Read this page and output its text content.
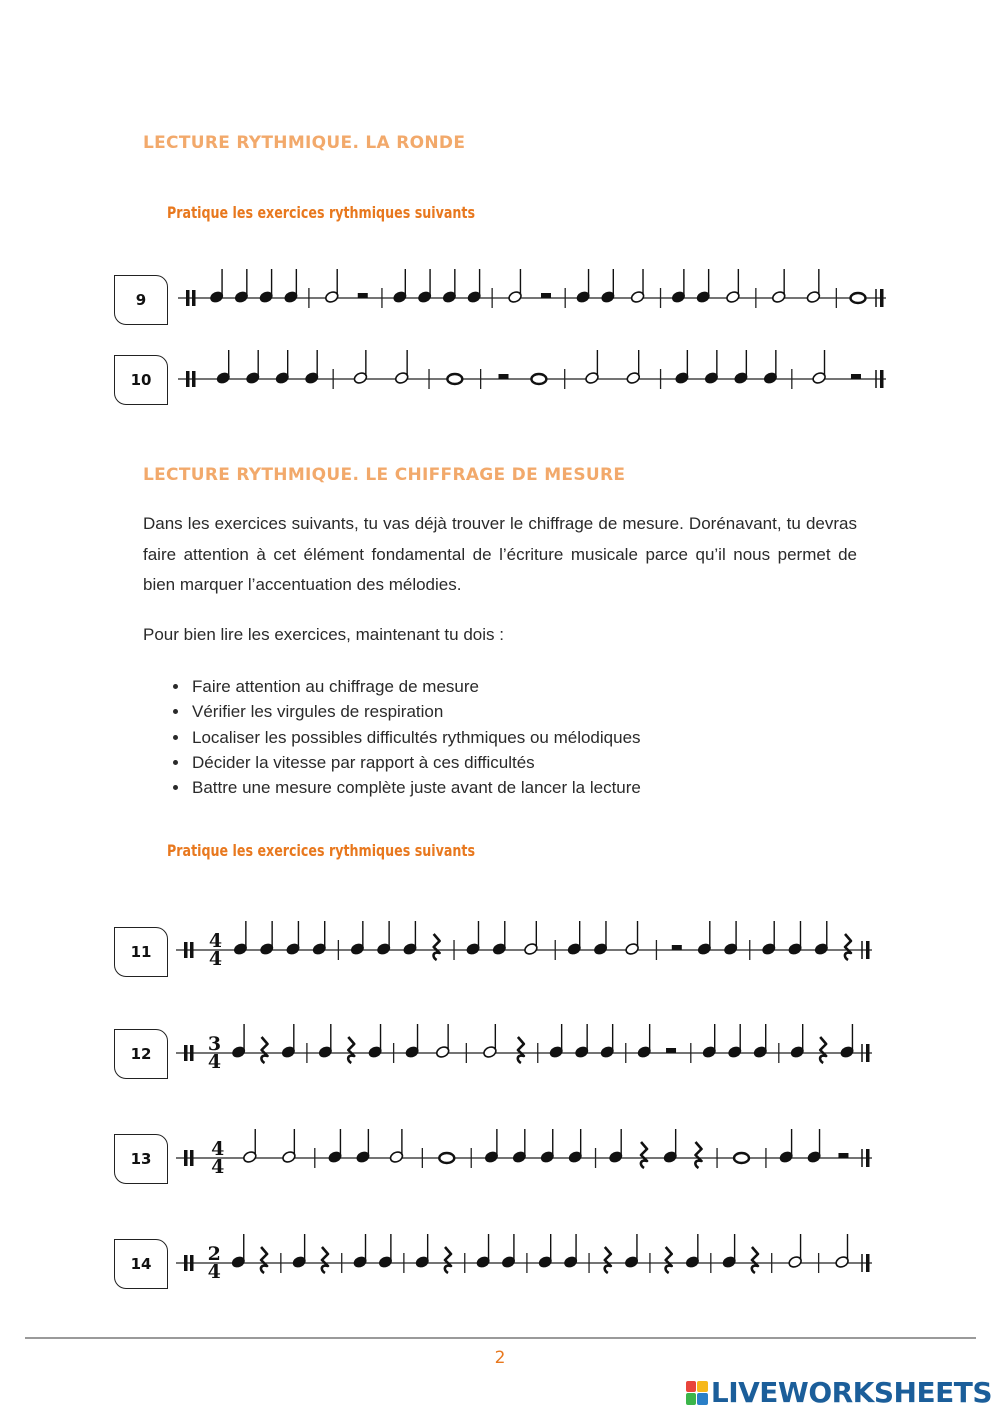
LECTURE RYTHMIQUE. LA RONDE
Pratique les exercices rythmiques suivants
9
10
LECTURE RYTHMIQUE. LE CHIFFRAGE DE MESURE
Dans les exercices suivants, tu vas déjà trouver le chiffrage de mesure. Dorénavant, tu devras faire attention à cet élément fondamental de l’écriture musicale parce qu’il nous permet de bien marquer l’accentuation des mélodies.
Pour bien lire les exercices, maintenant tu dois :
• Faire attention au chiffrage de mesure
• Vérifier les virgules de respiration
• Localiser les possibles difficultés rythmiques ou mélodiques
• Décider la vitesse par rapport à ces difficultés
• Battre une mesure complète juste avant de lancer la lecture
Pratique les exercices rythmiques suivants
11	4
4
12	3
4
13	4
4
14	2
4
2
LIVEWORKSHEETS
